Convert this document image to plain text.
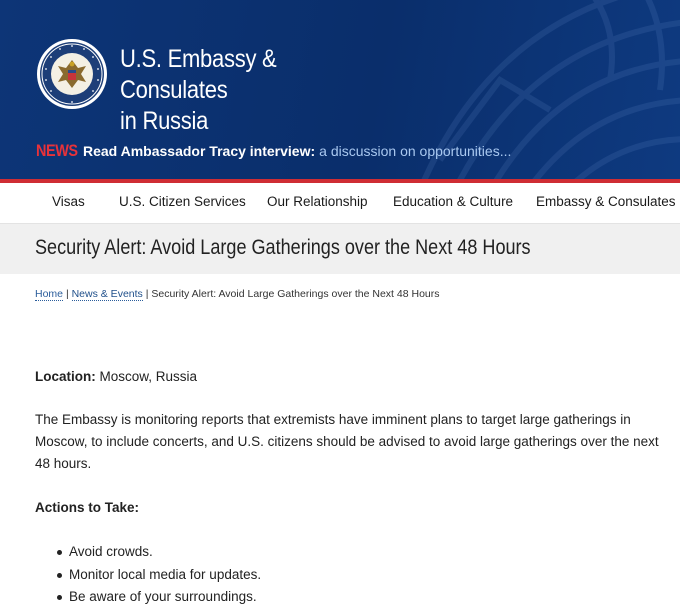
U.S. Embassy & Consulates
in Russia
NEWS Read Ambassador Tracy interview: a discussion on opportunities...
Visas	U.S. Citizen Services Our Relationship Education & Culture Embassy & Consulates
Security Alert: Avoid Large Gatherings over the Next 48 Hours
Home | News & Events | Security Alert: Avoid Large Gatherings over the Next 48 Hours

Location: Moscow, Russia

The Embassy is monitoring reports that extremists have imminent plans to target large gatherings in Moscow, to include concerts, and U.S. citizens should be advised to avoid large gatherings over the next 48 hours.

Actions to Take:

Avoid crowds.
Monitor local media for updates.
Be aware of your surroundings.
